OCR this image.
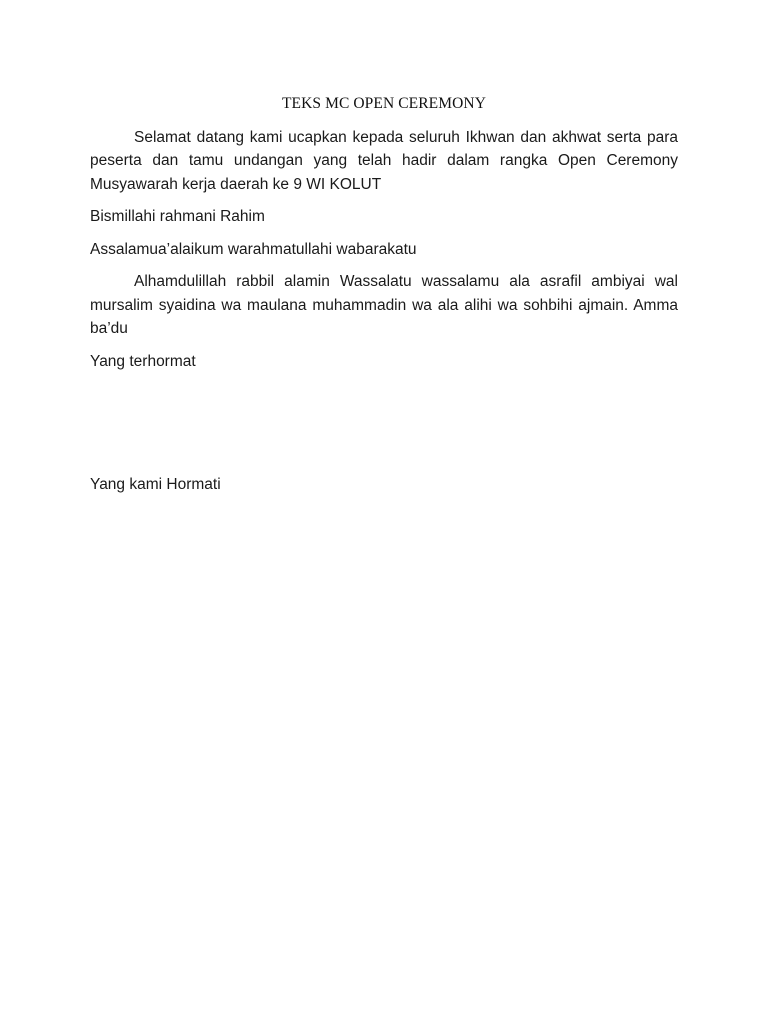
TEKS MC OPEN CEREMONY

Selamat datang kami ucapkan kepada seluruh Ikhwan dan akhwat serta para peserta dan tamu undangan yang telah hadir dalam rangka Open Ceremony Musyawarah kerja daerah ke 9 WI KOLUT

Bismillahi rahmani Rahim

Assalamua’alaikum warahmatullahi wabarakatu

Alhamdulillah rabbil alamin Wassalatu wassalamu ala asrafil ambiyai wal mursalim syaidina wa maulana muhammadin wa ala alihi wa sohbihi ajmain. Amma ba’du

Yang terhormat

Yang kami Hormati
